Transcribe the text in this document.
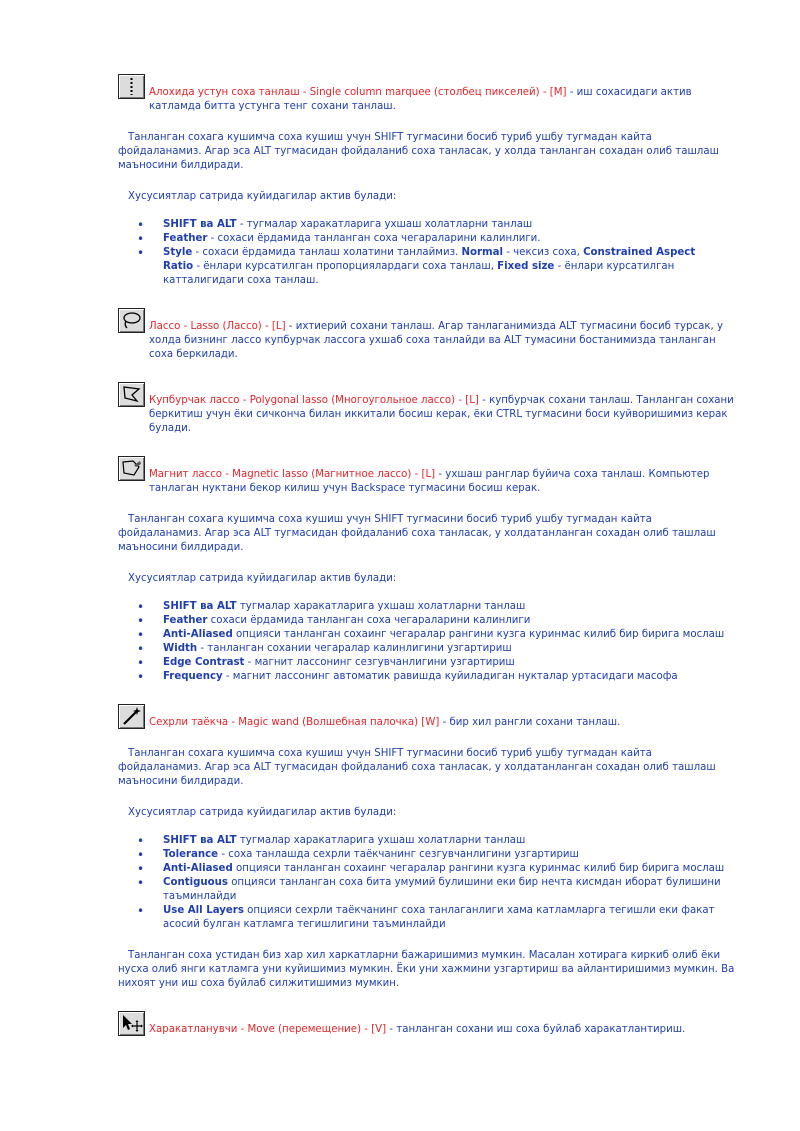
Алохида устун соха танлаш - Single column marquee (столбец пикселей) - [M] - иш сохасидаги актив катламда битта устунга тенг сохани танлаш.
Танланган сохага кушимча соха кушиш учун SHIFT тугмасини босиб туриб ушбу тугмадан кайта фойдаланамиз. Агар эса ALT тугмасидан фойдаланиб соха танласак, у холда танланган сохадан олиб ташлаш маъносини билдиради.
Хусусиятлар сатрида куйидагилар актив булади:
• SHIFT ва ALT - тугмалар харакатларига ухшаш холатларни танлаш
• Feather - сохаси ёрдамида танланган соха чегараларини калинлиги.
• Style - сохаси ёрдамида танлаш холатини танлаймиз. Normal - чексиз соха, Constrained Aspect Ratio - ёнлари курсатилган пропорциялардаги соха танлаш, Fixed size - ёнлари курсатилган катталигидаги соха танлаш.
Лассо - Lasso (Лассо) - [L] - ихтиерий сохани танлаш. Агар танлаганимизда ALT тугмасини босиб турсак, у холда бизнинг лассо купбурчак лассога ухшаб соха танлайди ва ALT тумасини бостанимизда танланган соха беркилади.
Купбурчак лассо - Polygonal lasso (Многоугольное лассо) - [L] - купбурчак сохани танлаш. Танланган сохани беркитиш учун ёки сичконча билан иккитали босиш керак, ёки CTRL тугмасини боси куйворишимиз керак булади.
Магнит лассо - Magnetic lasso (Магнитное лассо) - [L] - ухшаш ранглар буйича соха танлаш. Компьютер танлаган нуктани бекор килиш учун Backspace тугмасини босиш керак.
Танланган сохага кушимча соха кушиш учун SHIFT тугмасини босиб туриб ушбу тугмадан кайта фойдаланамиз. Агар эса ALT тугмасидан фойдаланиб соха танласак, у холдатанланган сохадан олиб ташлаш маъносини билдиради.
Хусусиятлар сатрида куйидагилар актив булади:
• SHIFT ва ALT тугмалар харакатларига ухшаш холатларни танлаш
• Feather сохаси ёрдамида танланган соха чегараларини калинлиги
• Anti-Aliased опцияси танланган сохаинг чегаралар рангини кузга куринмас килиб бир бирига мослаш
• Width - танланган сохании чегаралар калинлигини узгартириш
• Edge Contrast - магнит лассонинг сезгувчанлигини узгартириш
• Frequency - магнит лассонинг автоматик равишда куйиладиган нукталар уртасидаги масофа
Сехрли таёкча - Magic wand (Волшебная палочка) [W] - бир хил рангли сохани танлаш.
Танланган сохага кушимча соха кушиш учун SHIFT тугмасини босиб туриб ушбу тугмадан кайта фойдаланамиз. Агар эса ALT тугмасидан фойдаланиб соха танласак, у холдатанланган сохадан олиб ташлаш маъносини билдиради.
Хусусиятлар сатрида куйидагилар актив булади:
• SHIFT ва ALT тугмалар харакатларига ухшаш холатларни танлаш
• Tolerance - соха танлашда сехрли таёкчанинг сезгувчанлигини узгартириш
• Anti-Aliased опцияси танланган сохаинг чегаралар рангини кузга куринмас килиб бир бирига мослаш
• Contiguous опцияси танланган соха бита умумий булишини еки бир нечта кисмдан иборат булишини таъминлайди
• Use All Layers опцияси сехрли таёкчанинг соха танлаганлиги хама катламларга тегишли еки факат асосий булган катламга тегишлигини таъминлайди
Танланган соха устидан биз хар хил харкатларни бажаришимиз мумкин. Масалан хотирага киркиб олиб ёки нусха олиб янги катламга уни куйишимиз мумкин. Ёки уни хажмини узгартириш ва айлантиришимиз мумкин. Ва нихоят уни иш соха буйлаб силжитишимиз мумкин.
Харакатланувчи - Move (перемещение) - [V] - танланган сохани иш соха буйлаб харакатлантириш.
